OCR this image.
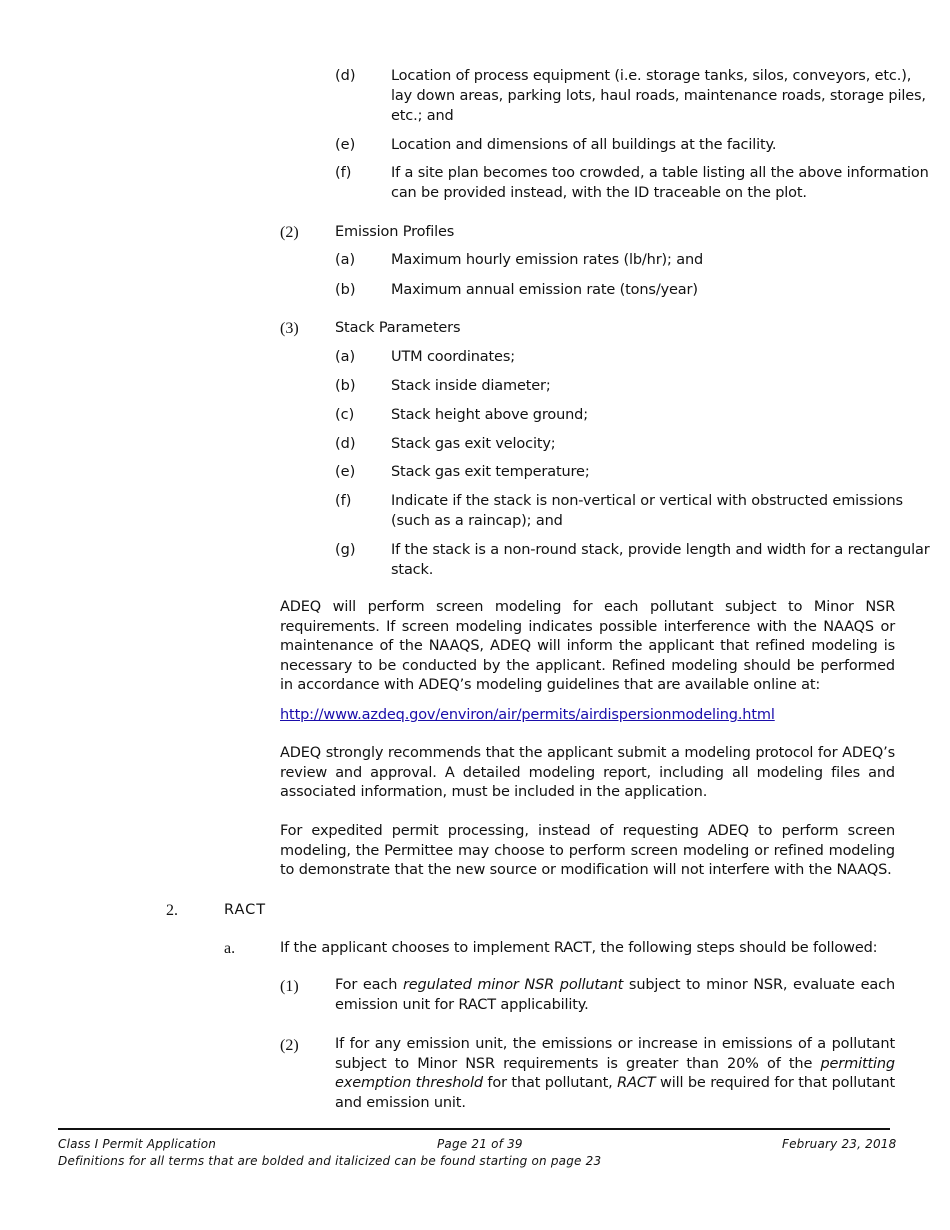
(d) Location of process equipment (i.e. storage tanks, silos, conveyors, etc.),
lay down areas, parking lots, haul roads, maintenance roads, storage piles,
etc.; and
(e) Location and dimensions of all buildings at the facility.
(f)	If a site plan becomes too crowded, a table listing all the above information
can be provided instead, with the ID traceable on the plot.
(2)	Emission Profiles
(a) Maximum hourly emission rates (lb/hr); and
(b) Maximum annual emission rate (tons/year)
(3)	Stack Parameters
(a) UTM coordinates;
(b) Stack inside diameter;
(c)	Stack height above ground;
(d) Stack gas exit velocity;
(e) Stack gas exit temperature;
(f)	Indicate if the stack is non-vertical or vertical with obstructed emissions
(such as a raincap); and
(g) If the stack is a non-round stack, provide length and width for a rectangular
stack.
ADEQ will perform screen modeling for each pollutant subject to Minor NSR requirements. If screen modeling indicates possible interference with the NAAQS or maintenance of the NAAQS, ADEQ will inform the applicant that refined modeling is necessary to be conducted by the applicant. Refined modeling should be performed in accordance with ADEQ’s modeling guidelines that are available online at:
http://www.azdeq.gov/environ/air/permits/airdispersionmodeling.html
ADEQ strongly recommends that the applicant submit a modeling protocol for ADEQ’s review and approval. A detailed modeling report, including all modeling files and associated information, must be included in the application.
For expedited permit processing, instead of requesting ADEQ to perform screen modeling, the Permittee may choose to perform screen modeling or refined modeling to demonstrate that the new source or modification will not interfere with the NAAQS.
2.	RACT
a.	If the applicant chooses to implement RACT, the following steps should be followed:
(1)	For each regulated minor NSR pollutant subject to minor NSR, evaluate each emission unit for RACT applicability.
(2)	If for any emission unit, the emissions or increase in emissions of a pollutant subject to Minor NSR requirements is greater than 20% of the permitting exemption threshold for that pollutant, RACT will be required for that pollutant and emission unit.
Class I Permit Application	Page 21 of 39	February 23, 2018
Definitions for all terms that are bolded and italicized can be found starting on page 23
